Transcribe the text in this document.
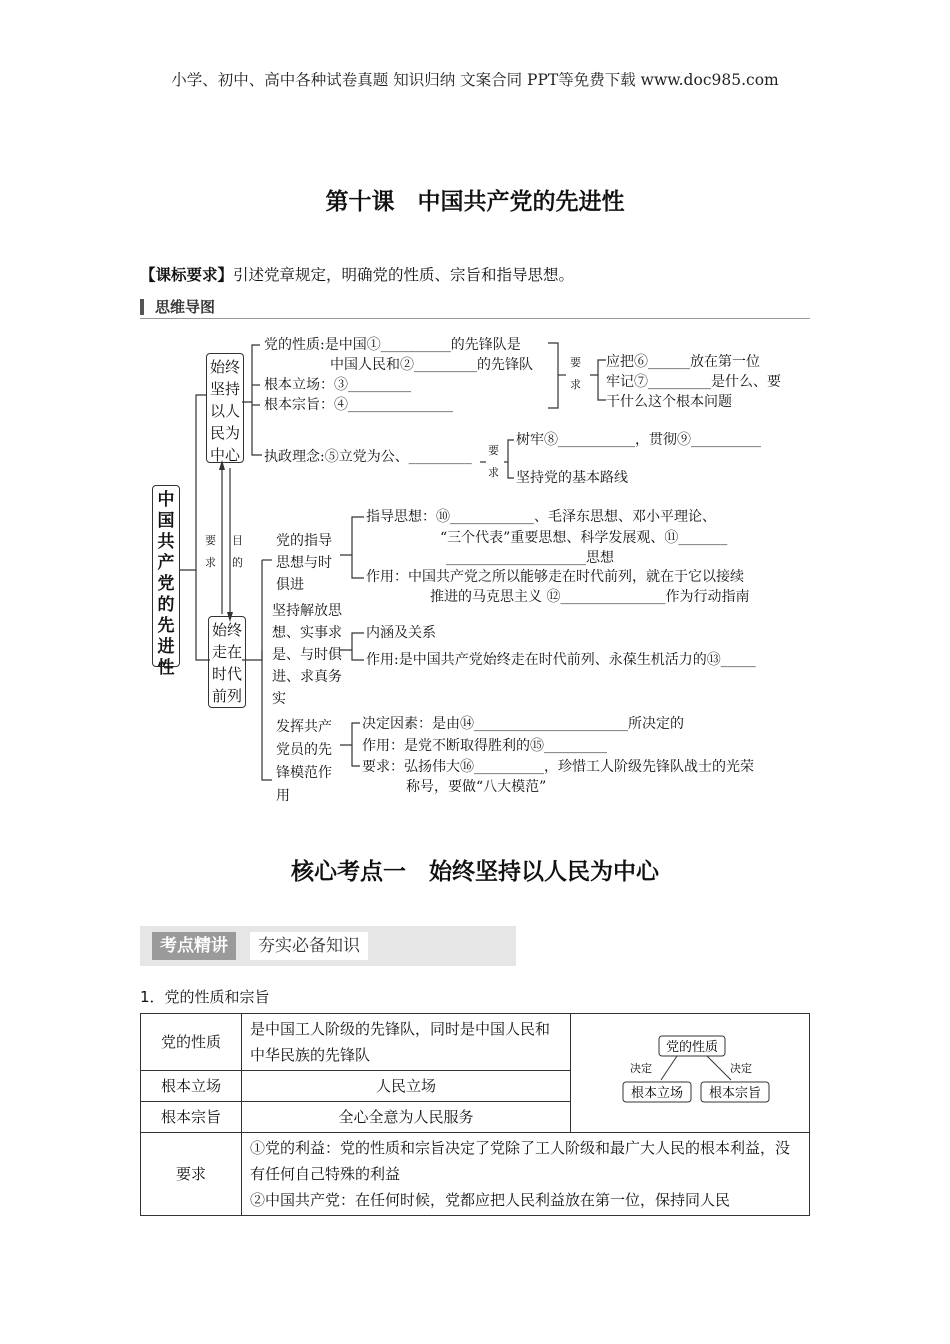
小学、初中、高中各种试卷真题 知识归纳 文案合同 PPT等免费下载 www.doc985.com
第十课　中国共产党的先进性
【课标要求】引述党章规定，明确党的性质、宗旨和指导思想。
思维导图
中国共产党的先进性
始终坚持以人民为中心
始终走在时代前列
要求
目的
党的性质:是中国①__________的先锋队是
中国人民和②_________的先锋队
根本立场：③_________
根本宗旨：④_______________
要求
应把⑥______放在第一位
牢记⑦_________是什么、要
干什么这个根本问题
执政理念:⑤立党为公、_________ 要求
树牢⑧___________，贯彻⑨__________
坚持党的基本路线
党的指导思想与时俱进
指导思想：⑩____________、毛泽东思想、邓小平理论、
“三个代表”重要思想、科学发展观、⑪_______
____________________思想
作用：中国共产党之所以能够走在时代前列，就在于它以接续
推进的马克思主义 ⑫_______________作为行动指南
坚持解放思想、实事求是、与时俱进、求真务实
内涵及关系
作用:是中国共产党始终走在时代前列、永葆生机活力的⑬_____
发挥共产党员的先锋模范作用
决定因素：是由⑭______________________所决定的
作用：是党不断取得胜利的⑮_________
要求：弘扬伟大⑯__________，珍惜工人阶级先锋队战士的光荣
称号，要做“八大模范”
核心考点一　始终坚持以人民为中心
考点精讲	夯实必备知识
1．党的性质和宗旨
党的性质	是中国工人阶级的先锋队，同时是中国人民和中华民族的先锋队	党的性质
决定 决定
根本立场 根本宗旨

根本立场	人民立场	
根本宗旨	全心全意为人民服务	
要求	①党的利益：党的性质和宗旨决定了党除了工人阶级和最广大人民的根本利益，没有任何自己特殊的利益
②中国共产党：在任何时候，党都应把人民利益放在第一位，保持同人民	
